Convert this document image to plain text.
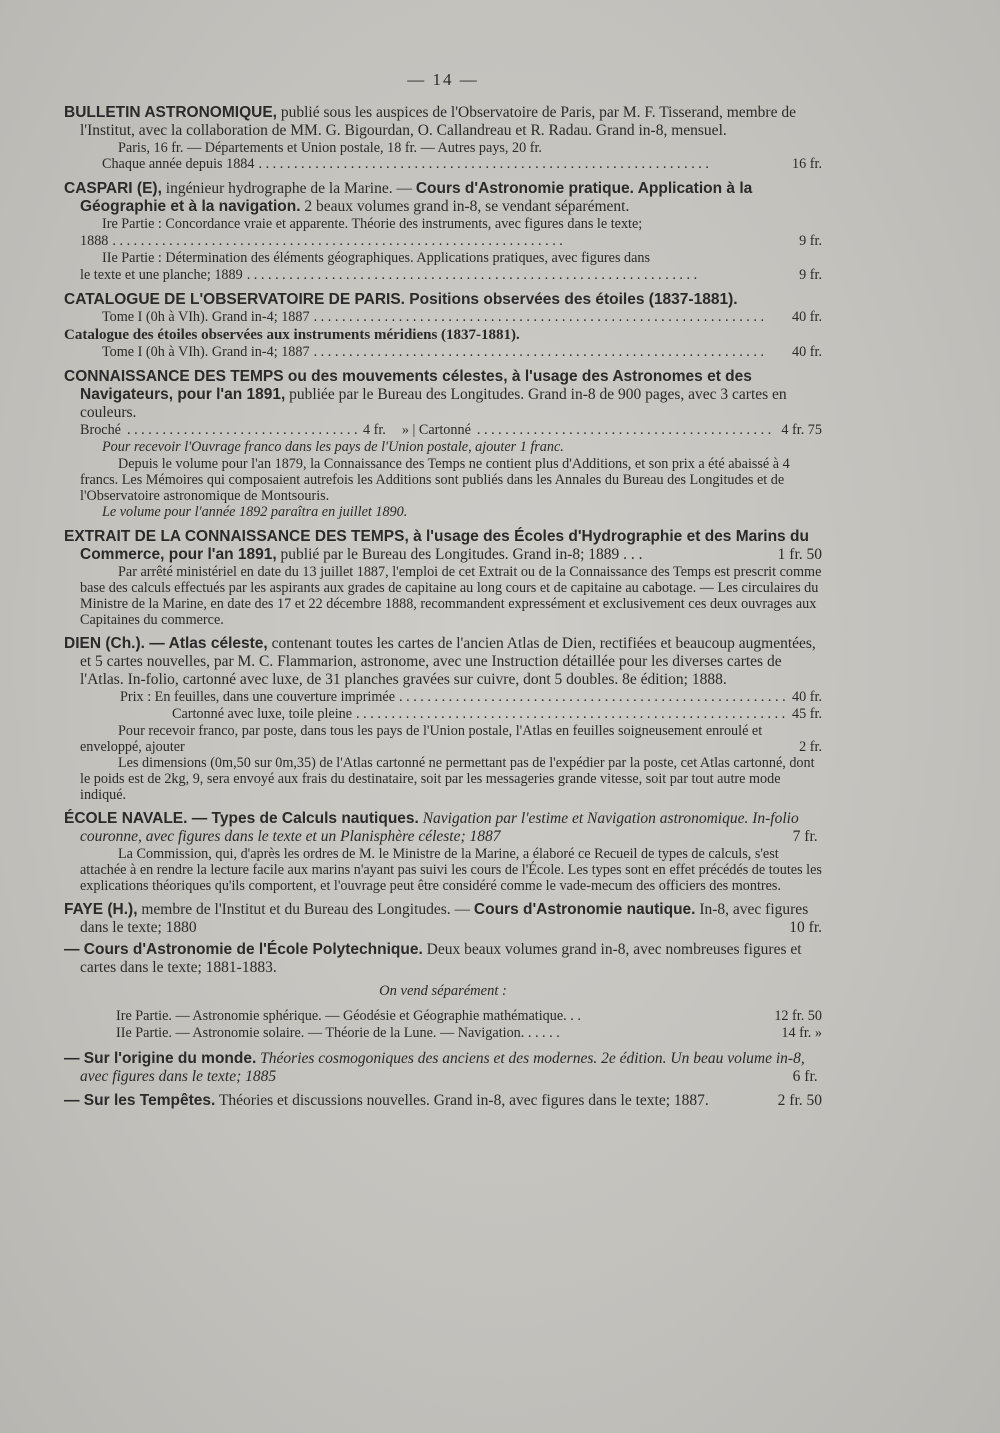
— 14 —
BULLETIN ASTRONOMIQUE, publié sous les auspices de l'Observatoire de Paris, par M. F. Tisserand, membre de l'Institut, avec la collaboration de MM. G. Bigourdan, O. Callandreau et R. Radau. Grand in-8, mensuel.
Paris, 16 fr. — Départements et Union postale, 18 fr. — Autres pays, 20 fr.
Chaque année depuis 1884 . . .	16 fr.
CASPARI (E), ingénieur hydrographe de la Marine. — Cours d'Astronomie pratique. Application à la Géographie et à la navigation. 2 beaux volumes grand in-8, se vendant séparément.
Ire Partie : Concordance vraie et apparente. Théorie des instruments, avec figures dans le texte;
1888 . . .	9 fr.
IIe Partie : Détermination des éléments géographiques. Applications pratiques, avec figures dans
le texte et une planche; 1889 . . .	9 fr.
CATALOGUE DE L'OBSERVATOIRE DE PARIS. Positions observées des étoiles (1837-1881).
Tome I (0h à VIh). Grand in-4; 1887 . . .	40 fr.
Catalogue des étoiles observées aux instruments méridiens (1837-1881).
Tome I (0h à VIh). Grand in-4; 1887 . . .	40 fr.
CONNAISSANCE DES TEMPS ou des mouvements célestes, à l'usage des Astronomes et des Navigateurs, pour l'an 1891, publiée par le Bureau des Longitudes. Grand in-8 de 900 pages, avec 3 cartes en couleurs.
Broché . . .	4 fr. » | Cartonné . . .	4 fr. 75
Pour recevoir l'Ouvrage franco dans les pays de l'Union postale, ajouter 1 franc.
Depuis le volume pour l'an 1879, la Connaissance des Temps ne contient plus d'Additions, et son prix a été abaissé à 4 francs. Les Mémoires qui composaient autrefois les Additions sont publiés dans les Annales du Bureau des Longitudes et de l'Observatoire astronomique de Montsouris.
Le volume pour l'année 1892 paraîtra en juillet 1890.
EXTRAIT DE LA CONNAISSANCE DES TEMPS, à l'usage des Écoles d'Hydrographie et des Marins du Commerce, pour l'an 1891, publié par le Bureau des Longitudes. Grand in-8; 1889 . . .	1 fr. 50
Par arrêté ministériel en date du 13 juillet 1887, l'emploi de cet Extrait ou de la Connaissance des Temps est prescrit comme base des calculs effectués par les aspirants aux grades de capitaine au long cours et de capitaine au cabotage. — Les circulaires du Ministre de la Marine, en date des 17 et 22 décembre 1888, recommandent expressément et exclusivement ces deux ouvrages aux Capitaines du commerce.
DIEN (Ch.). — Atlas céleste, contenant toutes les cartes de l'ancien Atlas de Dien, rectifiées et beaucoup augmentées, et 5 cartes nouvelles, par M. C. Flammarion, astronome, avec une Instruction détaillée pour les diverses cartes de l'Atlas. In-folio, cartonné avec luxe, de 31 planches gravées sur cuivre, dont 5 doubles. 8e édition; 1888.
Prix : En feuilles, dans une couverture imprimée . . .	40 fr.
Cartonné avec luxe, toile pleine . . .	45 fr.
Pour recevoir franco, par poste, dans tous les pays de l'Union postale, l'Atlas en feuilles soigneusement enroulé et enveloppé, ajouter	2 fr.
Les dimensions (0m,50 sur 0m,35) de l'Atlas cartonné ne permettant pas de l'expédier par la poste, cet Atlas cartonné, dont le poids est de 2kg, 9, sera envoyé aux frais du destinataire, soit par les messageries grande vitesse, soit par tout autre mode indiqué.
ÉCOLE NAVALE. — Types de Calculs nautiques. Navigation par l'estime et Navigation astronomique. In-folio couronne, avec figures dans le texte et un Planisphère céleste; 1887	7 fr.
La Commission, qui, d'après les ordres de M. le Ministre de la Marine, a élaboré ce Recueil de types de calculs, s'est attachée à en rendre la lecture facile aux marins n'ayant pas suivi les cours de l'École. Les types sont en effet précédés de toutes les explications théoriques qu'ils comportent, et l'ouvrage peut être considéré comme le vade-mecum des officiers des montres.
FAYE (H.), membre de l'Institut et du Bureau des Longitudes. — Cours d'Astronomie nautique. In-8, avec figures dans le texte; 1880	10 fr.
— Cours d'Astronomie de l'École Polytechnique. Deux beaux volumes grand in-8, avec nombreuses figures et cartes dans le texte; 1881-1883.
On vend séparément :
Ire Partie. — Astronomie sphérique. — Géodésie et Géographie mathématique. . .	12 fr. 50
IIe Partie. — Astronomie solaire. — Théorie de la Lune. — Navigation. . . . . .	14 fr. »
— Sur l'origine du monde. Théories cosmogoniques des anciens et des modernes. 2e édition. Un beau volume in-8, avec figures dans le texte; 1885	6 fr.
— Sur les Tempêtes. Théories et discussions nouvelles. Grand in-8, avec figures dans le texte; 1887.	2 fr. 50
